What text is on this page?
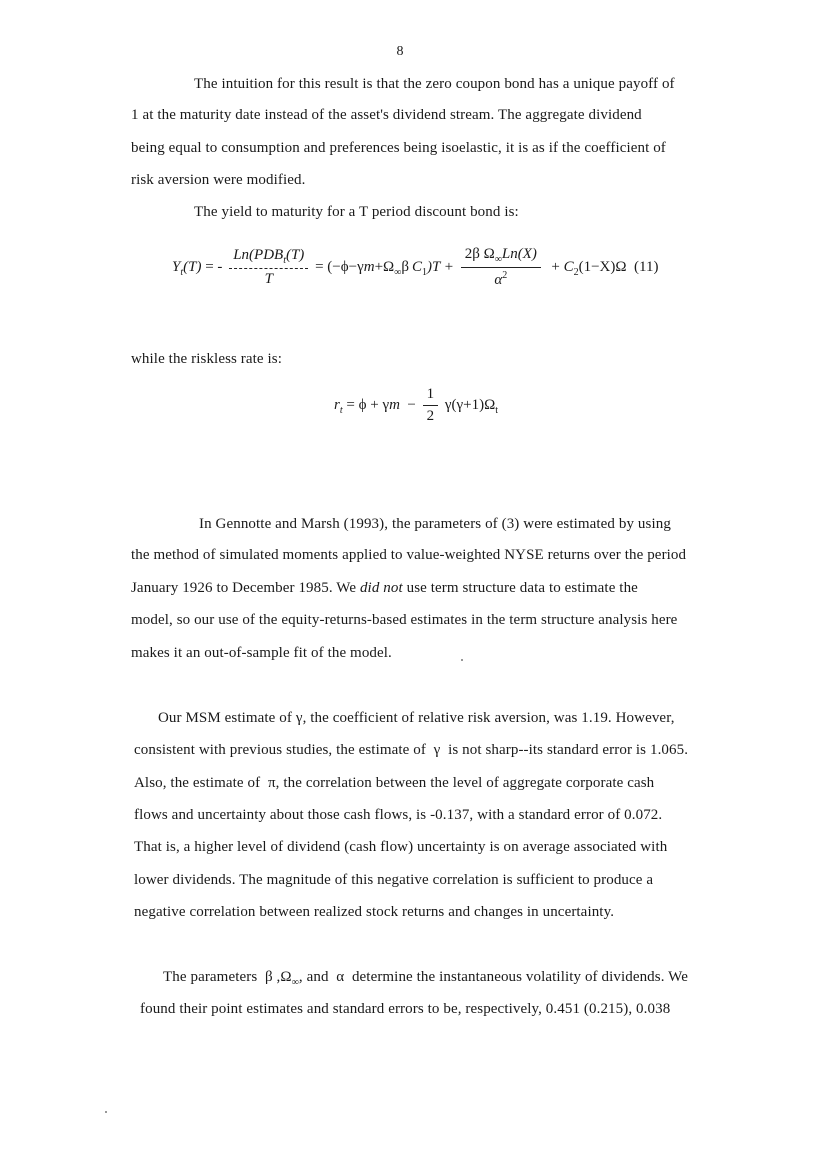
8
The intuition for this result is that the zero coupon bond has a unique payoff of
1 at the maturity date instead of the asset's dividend stream. The aggregate dividend
being equal to consumption and preferences being isoelastic, it is as if the coefficient of
risk aversion were modified.
The yield to maturity for a T period discount bond is:
$Y_t(T)$ = - $\frac{Ln(PDB_t(T)}{T} = (-\phi-\gamma m+\Omega_\infty\beta$  $C_1)T + \frac{2\beta \Omega_\infty Ln(X)}{\alpha^2} + C_2(1-X)\Omega$ (11)
while the riskless rate is:
$r_t = \phi + \gamma m - \frac{1}{2} \gamma(\gamma+1)\Omega_t$
In Gennotte and Marsh (1993), the parameters of (3) were estimated by using
the method of simulated moments applied to value-weighted NYSE returns over the period
January 1926 to December 1985. We did not use term structure data to estimate the
model, so our use of the equity-returns-based estimates in the term structure analysis here
makes it an out-of-sample fit of the model.
Our MSM estimate of γ, the coefficient of relative risk aversion, was 1.19. However,
consistent with previous studies, the estimate of γ is not sharp--its standard error is 1.065.
Also, the estimate of π, the correlation between the level of aggregate corporate cash
flows and uncertainty about those cash flows, is -0.137, with a standard error of 0.072.
That is, a higher level of dividend (cash flow) uncertainty is on average associated with
lower dividends. The magnitude of this negative correlation is sufficient to produce a
negative correlation between realized stock returns and changes in uncertainty.
The parameters β $,\Omega_\infty$, and α determine the instantaneous volatility of dividends. We
found their point estimates and standard errors to be, respectively, 0.451 (0.215), 0.038
